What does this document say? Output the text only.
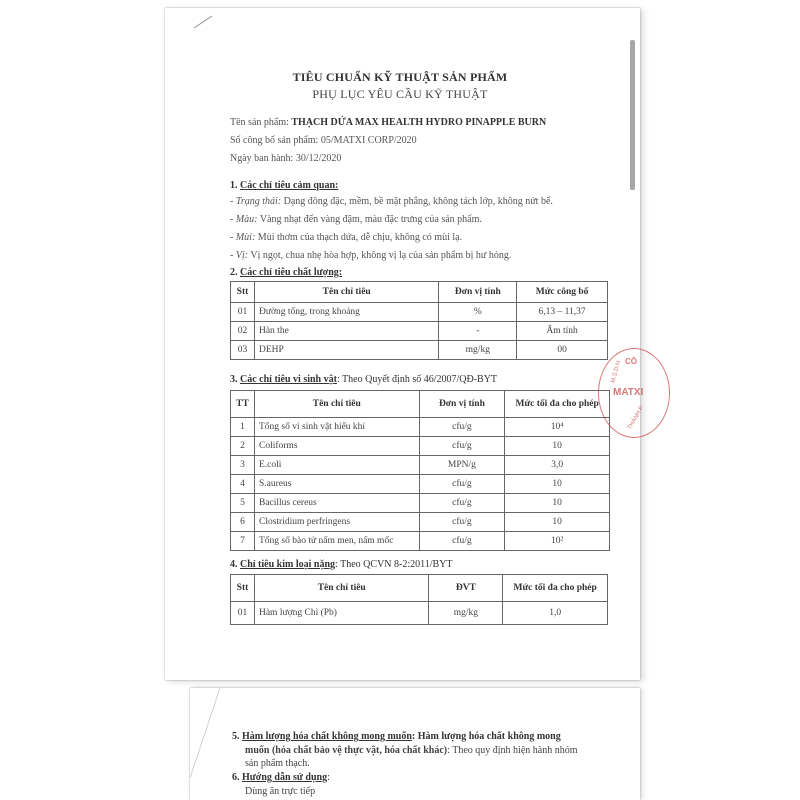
TIÊU CHUẨN KỸ THUẬT SẢN PHẨM
PHỤ LỤC YÊU CẦU KỸ THUẬT
Tên sản phẩm: THẠCH DỨA MAX HEALTH HYDRO PINAPPLE BURN
Số công bố sản phẩm: 05/MATXI CORP/2020
Ngày ban hành: 30/12/2020
1. Các chỉ tiêu cảm quan:
- Trạng thái: Dạng đông đặc, mềm, bề mặt phẳng, không tách lớp, không nứt bể.
- Màu: Vàng nhạt đến vàng đậm, màu đặc trưng của sản phẩm.
- Mùi: Mùi thơm của thạch dứa, dễ chịu, không có mùi lạ.
- Vị: Vị ngọt, chua nhẹ hòa hợp, không vị lạ của sản phẩm bị hư hỏng.
2. Các chỉ tiêu chất lượng:
Stt	Tên chỉ tiêu	Đơn vị tính	Mức công bố
01	Đường tổng, trong khoảng	%	6,13 – 11,37
02	Hàn the	-	Âm tính
03	DEHP	mg/kg	00
3. Các chỉ tiêu vi sinh vật: Theo Quyết định số 46/2007/QĐ-BYT
TT	Tên chỉ tiêu	Đơn vị tính	Mức tối đa cho phép
1	Tổng số vi sinh vật hiếu khí	cfu/g	10⁴
2	Coliforms	cfu/g	10
3	E.coli	MPN/g	3,0
4	S.aureus	cfu/g	10
5	Bacillus cereus	cfu/g	10
6	Clostridium perfringens	cfu/g	10
7	Tổng số bào tử nấm men, nấm mốc	cfu/g	10²
4. Chỉ tiêu kim loại nặng: Theo QCVN 8-2:2011/BYT
Stt	Tên chỉ tiêu	ĐVT	Mức tối đa cho phép
01	Hàm lượng Chì (Pb)	mg/kg	1,0
M.S.D.N CÔ
MATXI
THÀNH P
5. Hàm lượng hóa chất không mong muốn: Hàm lượng hóa chất không mong
muốn (hóa chất bảo vệ thực vật, hóa chất khác): Theo quy định hiện hành nhóm
sản phẩm thạch.
6. Hướng dẫn sử dụng:
Dùng ăn trực tiếp
